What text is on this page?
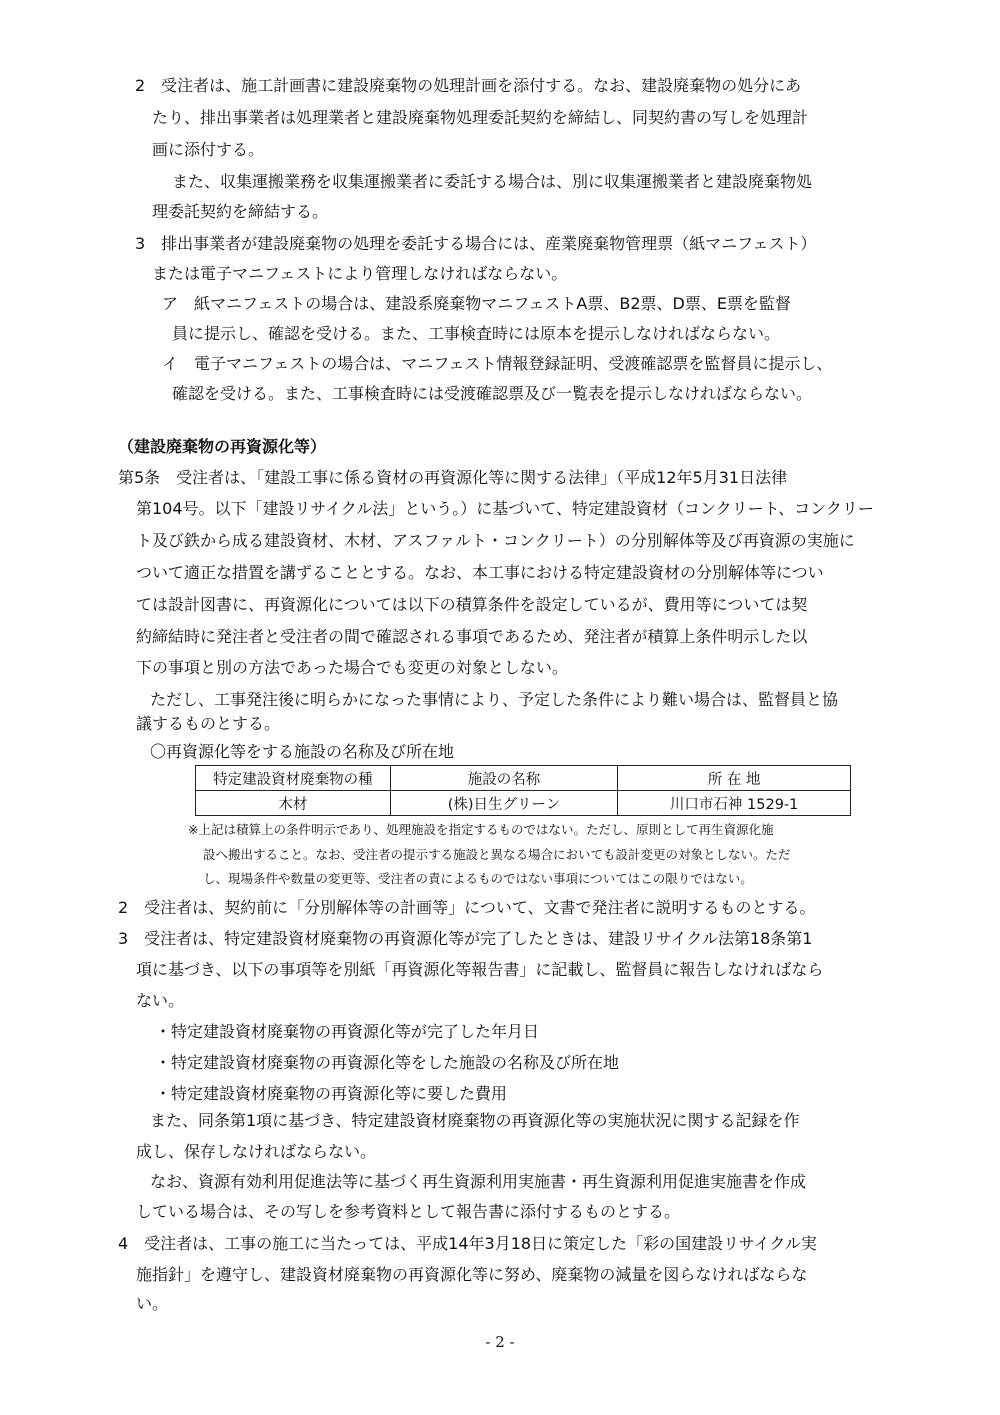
2　受注者は、施工計画書に建設廃棄物の処理計画を添付する。なお、建設廃棄物の処分にあ
たり、排出事業者は処理業者と建設廃棄物処理委託契約を締結し、同契約書の写しを処理計
画に添付する。
また、収集運搬業務を収集運搬業者に委託する場合は、別に収集運搬業者と建設廃棄物処
理委託契約を締結する。
3　排出事業者が建設廃棄物の処理を委託する場合には、産業廃棄物管理票（紙マニフェスト）
または電子マニフェストにより管理しなければならない。
ア　紙マニフェストの場合は、建設系廃棄物マニフェストA票、B2票、D票、E票を監督
員に提示し、確認を受ける。また、工事検査時には原本を提示しなければならない。
イ　電子マニフェストの場合は、マニフェスト情報登録証明、受渡確認票を監督員に提示し、
確認を受ける。また、工事検査時には受渡確認票及び一覧表を提示しなければならない。
（建設廃棄物の再資源化等）
第5条　受注者は、「建設工事に係る資材の再資源化等に関する法律」（平成12年5月31日法律
第104号。以下「建設リサイクル法」という。）に基づいて、特定建設資材（コンクリート、コンクリー
ト及び鉄から成る建設資材、木材、アスファルト・コンクリート）の分別解体等及び再資源の実施に
ついて適正な措置を講ずることとする。なお、本工事における特定建設資材の分別解体等につい
ては設計図書に、再資源化については以下の積算条件を設定しているが、費用等については契
約締結時に発注者と受注者の間で確認される事項であるため、発注者が積算上条件明示した以
下の事項と別の方法であった場合でも変更の対象としない。
ただし、工事発注後に明らかになった事情により、予定した条件により難い場合は、監督員と協
議するものとする。
〇再資源化等をする施設の名称及び所在地
特定建設資材廃棄物の種	施設の名称	所 在 地
木材	(株)日生グリーン	川口市石神 1529-1
※上記は積算上の条件明示であり、処理施設を指定するものではない。ただし、原則として再生資源化施
設へ搬出すること。なお、受注者の提示する施設と異なる場合においても設計変更の対象としない。ただ
し、現場条件や数量の変更等、受注者の責によるものではない事項についてはこの限りではない。
2　受注者は、契約前に「分別解体等の計画等」について、文書で発注者に説明するものとする。
3　受注者は、特定建設資材廃棄物の再資源化等が完了したときは、建設リサイクル法第18条第1
項に基づき、以下の事項等を別紙「再資源化等報告書」に記載し、監督員に報告しなければなら
ない。
・特定建設資材廃棄物の再資源化等が完了した年月日
・特定建設資材廃棄物の再資源化等をした施設の名称及び所在地
・特定建設資材廃棄物の再資源化等に要した費用
また、同条第1項に基づき、特定建設資材廃棄物の再資源化等の実施状況に関する記録を作
成し、保存しなければならない。
なお、資源有効利用促進法等に基づく再生資源利用実施書・再生資源利用促進実施書を作成
している場合は、その写しを参考資料として報告書に添付するものとする。
4　受注者は、工事の施工に当たっては、平成14年3月18日に策定した「彩の国建設リサイクル実
施指針」を遵守し、建設資材廃棄物の再資源化等に努め、廃棄物の減量を図らなければならな
い。
- 2 -
